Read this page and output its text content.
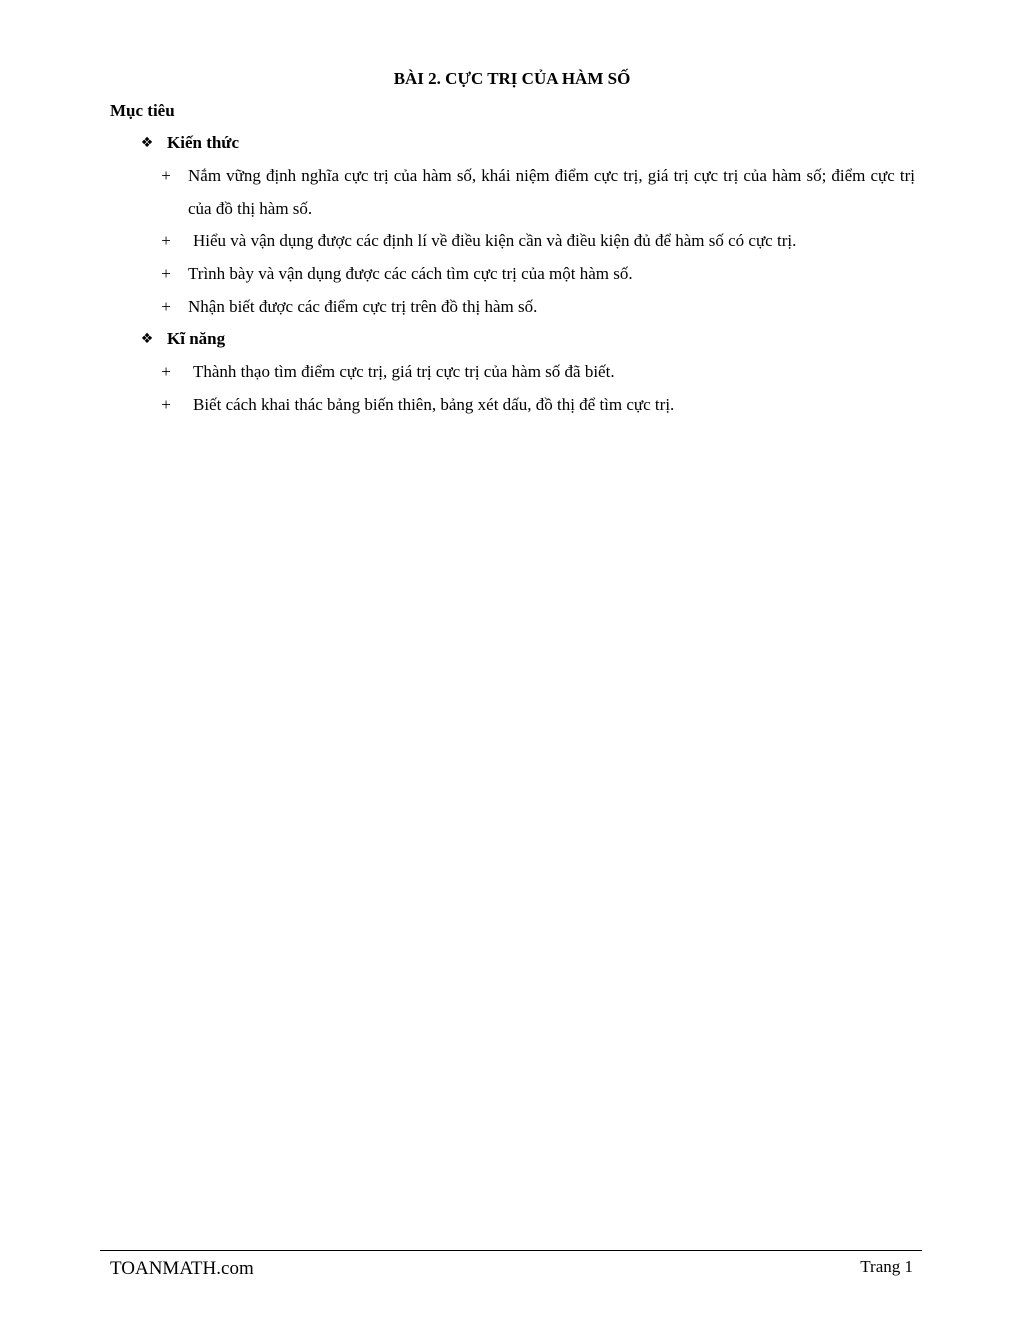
BÀI 2. CỰC TRỊ CỦA HÀM SỐ
Mục tiêu
❖ Kiến thức
+ Nắm vững định nghĩa cực trị của hàm số, khái niệm điểm cực trị, giá trị cực trị của hàm số; điểm cực trị của đồ thị hàm số.
+ Hiểu và vận dụng được các định lí về điều kiện cần và điều kiện đủ để hàm số có cực trị.
+ Trình bày và vận dụng được các cách tìm cực trị của một hàm số.
+ Nhận biết được các điểm cực trị trên đồ thị hàm số.
❖ Kĩ năng
+ Thành thạo tìm điểm cực trị, giá trị cực trị của hàm số đã biết.
+ Biết cách khai thác bảng biến thiên, bảng xét dấu, đồ thị để tìm cực trị.
TOANMATH.com	Trang 1
